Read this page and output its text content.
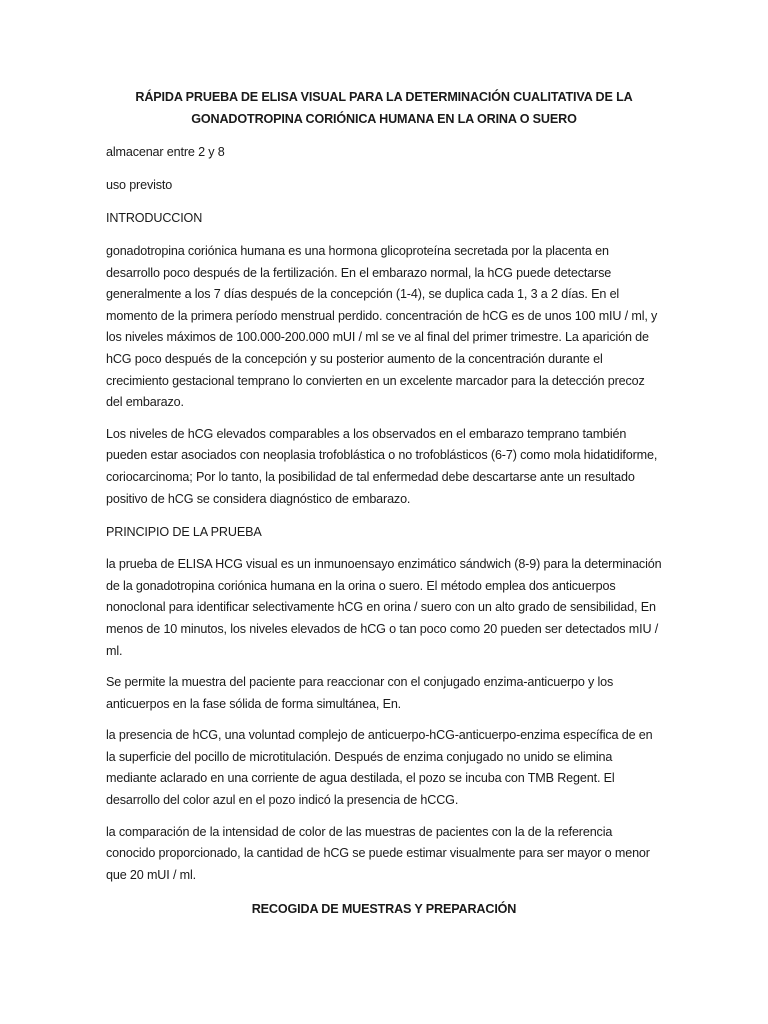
RÁPIDA PRUEBA DE ELISA VISUAL PARA LA DETERMINACIÓN CUALITATIVA DE LA
GONADOTROPINA CORIÓNICA HUMANA EN LA ORINA O SUERO

almacenar entre 2 y 8

uso previsto

INTRODUCCION

gonadotropina coriónica humana es una hormona glicoproteína secretada por la placenta en desarrollo poco después de la fertilización. En el embarazo normal, la hCG puede detectarse generalmente a los 7 días después de la concepción (1-4), se duplica cada 1, 3 a 2 días. En el momento de la primera período menstrual perdido. concentración de hCG es de unos 100 mIU / ml, y los niveles máximos de 100.000-200.000 mUI / ml se ve al final del primer trimestre. La aparición de hCG poco después de la concepción y su posterior aumento de la concentración durante el crecimiento gestacional temprano lo convierten en un excelente marcador para la detección precoz del embarazo.

Los niveles de hCG elevados comparables a los observados en el embarazo temprano también pueden estar asociados con neoplasia trofoblástica o no trofoblásticos (6-7) como mola hidatidiforme, coriocarcinoma; Por lo tanto, la posibilidad de tal enfermedad debe descartarse ante un resultado positivo de hCG se considera diagnóstico de embarazo.

PRINCIPIO DE LA PRUEBA

la prueba de ELISA HCG visual es un inmunoensayo enzimático sándwich (8-9) para la determinación de la gonadotropina coriónica humana en la orina o suero. El método emplea dos anticuerpos nonoclonal para identificar selectivamente hCG en orina / suero con un alto grado de sensibilidad, En menos de 10 minutos, los niveles elevados de hCG o tan poco como 20 pueden ser detectados mIU / ml.

Se permite la muestra del paciente para reaccionar con el conjugado enzima-anticuerpo y los anticuerpos en la fase sólida de forma simultánea, En.

la presencia de hCG, una voluntad complejo de anticuerpo-hCG-anticuerpo-enzima específica de en la superficie del pocillo de microtitulación. Después de enzima conjugado no unido se elimina mediante aclarado en una corriente de agua destilada, el pozo se incuba con TMB Regent. El desarrollo del color azul en el pozo indicó la presencia de hCCG.

la comparación de la intensidad de color de las muestras de pacientes con la de la referencia conocido proporcionado, la cantidad de hCG se puede estimar visualmente para ser mayor o menor que 20 mUI / ml.

RECOGIDA DE MUESTRAS Y PREPARACIÓN
